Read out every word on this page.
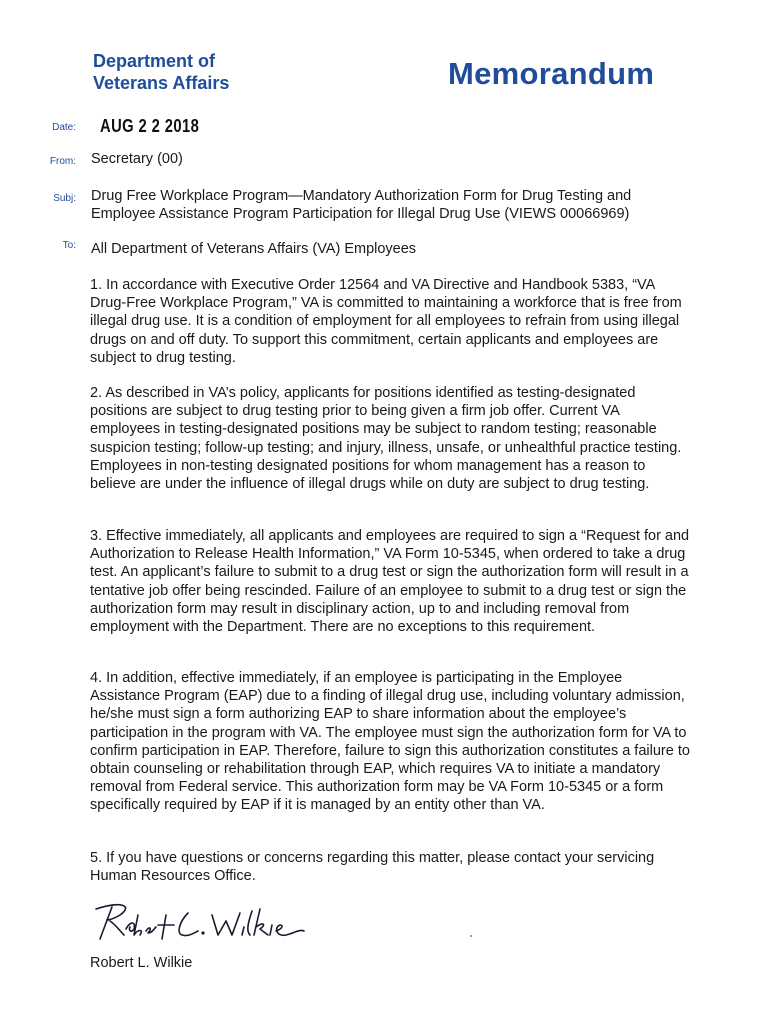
Department of
Veterans Affairs	Memorandum
Date: AUG 2 2 2018
From: Secretary (00)
Subj: Drug Free Workplace Program—Mandatory Authorization Form for Drug Testing and Employee Assistance Program Participation for Illegal Drug Use (VIEWS 00066969)
To: All Department of Veterans Affairs (VA) Employees

1. In accordance with Executive Order 12564 and VA Directive and Handbook 5383, “VA Drug-Free Workplace Program,” VA is committed to maintaining a workforce that is free from illegal drug use. It is a condition of employment for all employees to refrain from using illegal drugs on and off duty. To support this commitment, certain applicants and employees are subject to drug testing.

2. As described in VA’s policy, applicants for positions identified as testing-designated positions are subject to drug testing prior to being given a firm job offer. Current VA employees in testing-designated positions may be subject to random testing; reasonable suspicion testing; follow-up testing; and injury, illness, unsafe, or unhealthful practice testing. Employees in non-testing designated positions for whom management has a reason to believe are under the influence of illegal drugs while on duty are subject to drug testing.

3. Effective immediately, all applicants and employees are required to sign a “Request for and Authorization to Release Health Information,” VA Form 10-5345, when ordered to take a drug test. An applicant’s failure to submit to a drug test or sign the authorization form will result in a tentative job offer being rescinded. Failure of an employee to submit to a drug test or sign the authorization form may result in disciplinary action, up to and including removal from employment with the Department. There are no exceptions to this requirement.

4. In addition, effective immediately, if an employee is participating in the Employee Assistance Program (EAP) due to a finding of illegal drug use, including voluntary admission, he/she must sign a form authorizing EAP to share information about the employee’s participation in the program with VA. The employee must sign the authorization form for VA to confirm participation in EAP. Therefore, failure to sign this authorization constitutes a failure to obtain counseling or rehabilitation through EAP, which requires VA to initiate a mandatory removal from Federal service. This authorization form may be VA Form 10-5345 or a form specifically required by EAP if it is managed by an entity other than VA.

5. If you have questions or concerns regarding this matter, please contact your servicing Human Resources Office.

Robert L. Wilkie
